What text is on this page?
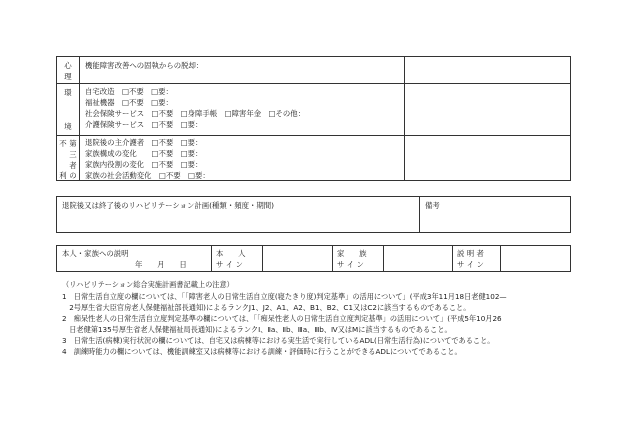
心
理
機能障害改善への固執からの脱却：
環
境
自宅改造　□不要　□要：
福祉機器　□不要　□要：
社会保険サービス　□不要　□身障手帳　□障害年金　□その他：
介護保険サービス　□不要　□要：
不 第
三
者
利 の
退院後の主介護者　□不要　□要：
家族構成の変化　　□不要　□要：
家族内役割の変化　□不要　□要：
家族の社会活動変化　□不要　□要：
退院後又は終了後のリハビリテーション計画(種類・頻度・期間)	備考
本人・家族への説明
年　　月　　日
本　　人
サ イ ン
家　　族
サ イ ン
説 明 者
サ イ ン
（リハビリテーション総合実施計画書記載上の注意）
1　日常生活自立度の欄については、「「障害老人の日常生活自立度(寝たきり度)判定基準」の活用について」(平成3年11月18日老健102—
　2号厚生省大臣官房老人保健福祉部長通知)によるランクJ1、J2、A1、A2、B1、B2、C1又はC2に該当するものであること。
2　痴呆性老人の日常生活自立度判定基準の欄については、「「痴呆性老人の日常生活自立度判定基準」の活用について」(平成5年10月26
　日老健第135号厚生省老人保健福祉局長通知)によるランクⅠ、Ⅱa、Ⅱb、Ⅲa、Ⅲb、Ⅳ又はMに該当するものであること。
3　日常生活(病棟)実行状況の欄については、自宅又は病棟等における実生活で実行しているADL(日常生活行為)についてであること。
4　訓練時能力の欄については、機能訓練室又は病棟等における訓練・評価時に行うことができるADLについてであること。
